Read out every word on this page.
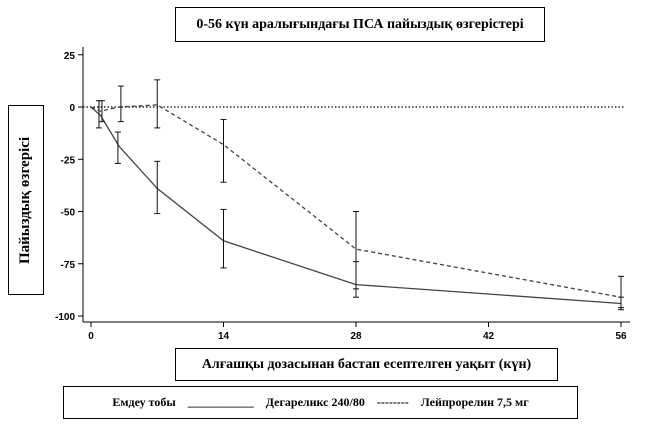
0-56 күн аралығындағы ПСА пайыздық өзгерістері
Пайыздық өзгерісі
25
0
-25
-50
-75
-100
0	14	28	42	56
Алғашқы дозасынан бастап есептелген уақыт (күн)
Емдеу тобы ___________ Дегареликс 240/80 -------- Лейпрорелин 7,5 мг
